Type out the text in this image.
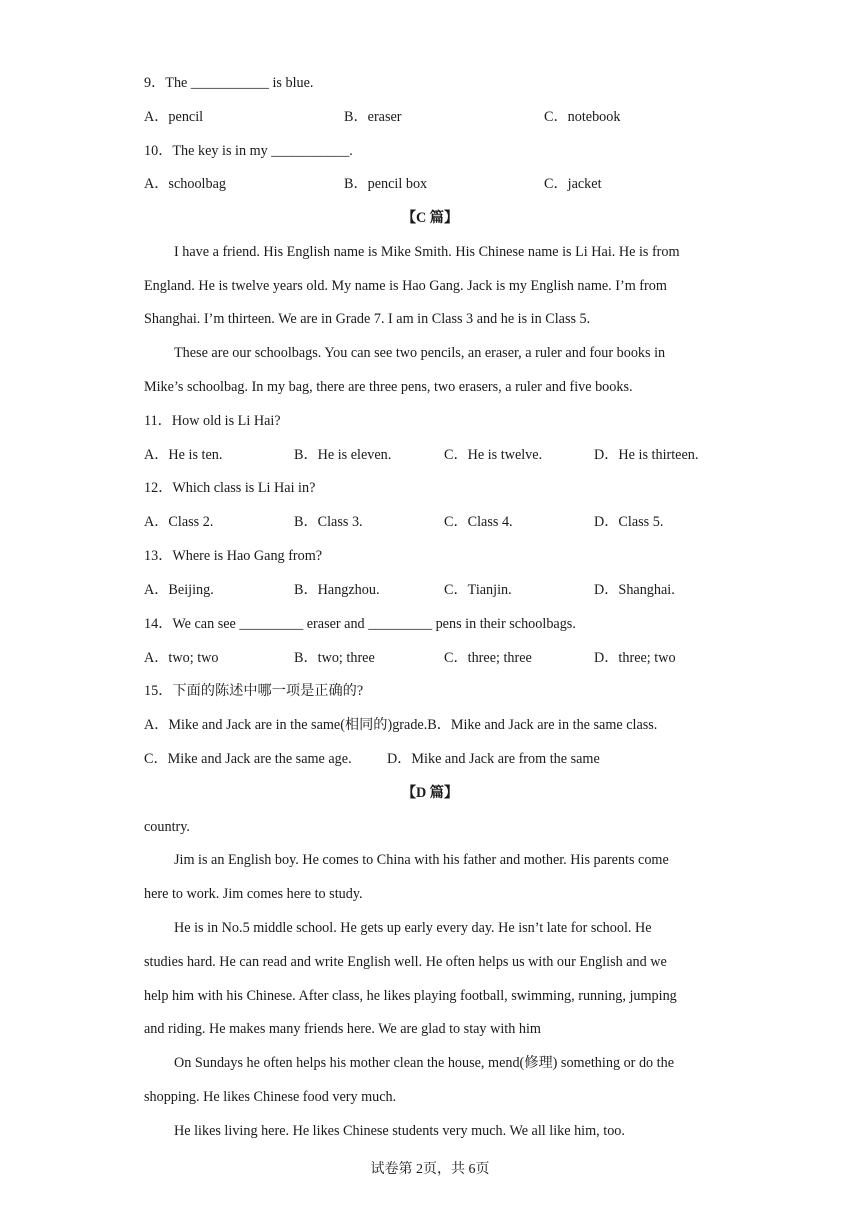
9．The ___________ is blue.
A．pencil	B．eraser	C．notebook
10．The key is in my ___________.
A．schoolbag	B．pencil box	C．jacket
【C 篇】
I have a friend. His English name is Mike Smith. His Chinese name is Li Hai. He is from
England. He is twelve years old. My name is Hao Gang. Jack is my English name. I’m from
Shanghai. I’m thirteen. We are in Grade 7. I am in Class 3 and he is in Class 5.
These are our schoolbags. You can see two pencils, an eraser, a ruler and four books in
Mike’s schoolbag. In my bag, there are three pens, two erasers, a ruler and five books.
11．How old is Li Hai?
A．He is ten.	B．He is eleven.	C．He is twelve.	D．He is thirteen.
12．Which class is Li Hai in?
A．Class 2.	B．Class 3.	C．Class 4.	D．Class 5.
13．Where is Hao Gang from?
A．Beijing.	B．Hangzhou.	C．Tianjin.	D．Shanghai.
14．We can see _________ eraser and _________ pens in their schoolbags.
A．two; two	B．two; three	C．three; three	D．three; two
15．下面的陈述中哪一项是正确的?
A．Mike and Jack are in the same(相同的)grade.B．Mike and Jack are in the same class.
C．Mike and Jack are the same age. D．Mike and Jack are from the same
【D 篇】
country.
Jim is an English boy. He comes to China with his father and mother. His parents come
here to work. Jim comes here to study.
He is in No.5 middle school. He gets up early every day. He isn’t late for school. He
studies hard. He can read and write English well. He often helps us with our English and we
help him with his Chinese. After class, he likes playing football, swimming, running, jumping
and riding. He makes many friends here. We are glad to stay with him
On Sundays he often helps his mother clean the house, mend(修理) something or do the
shopping. He likes Chinese food very much.
He likes living here. He likes Chinese students very much. We all like him, too.
试卷第 2页，共 6页
